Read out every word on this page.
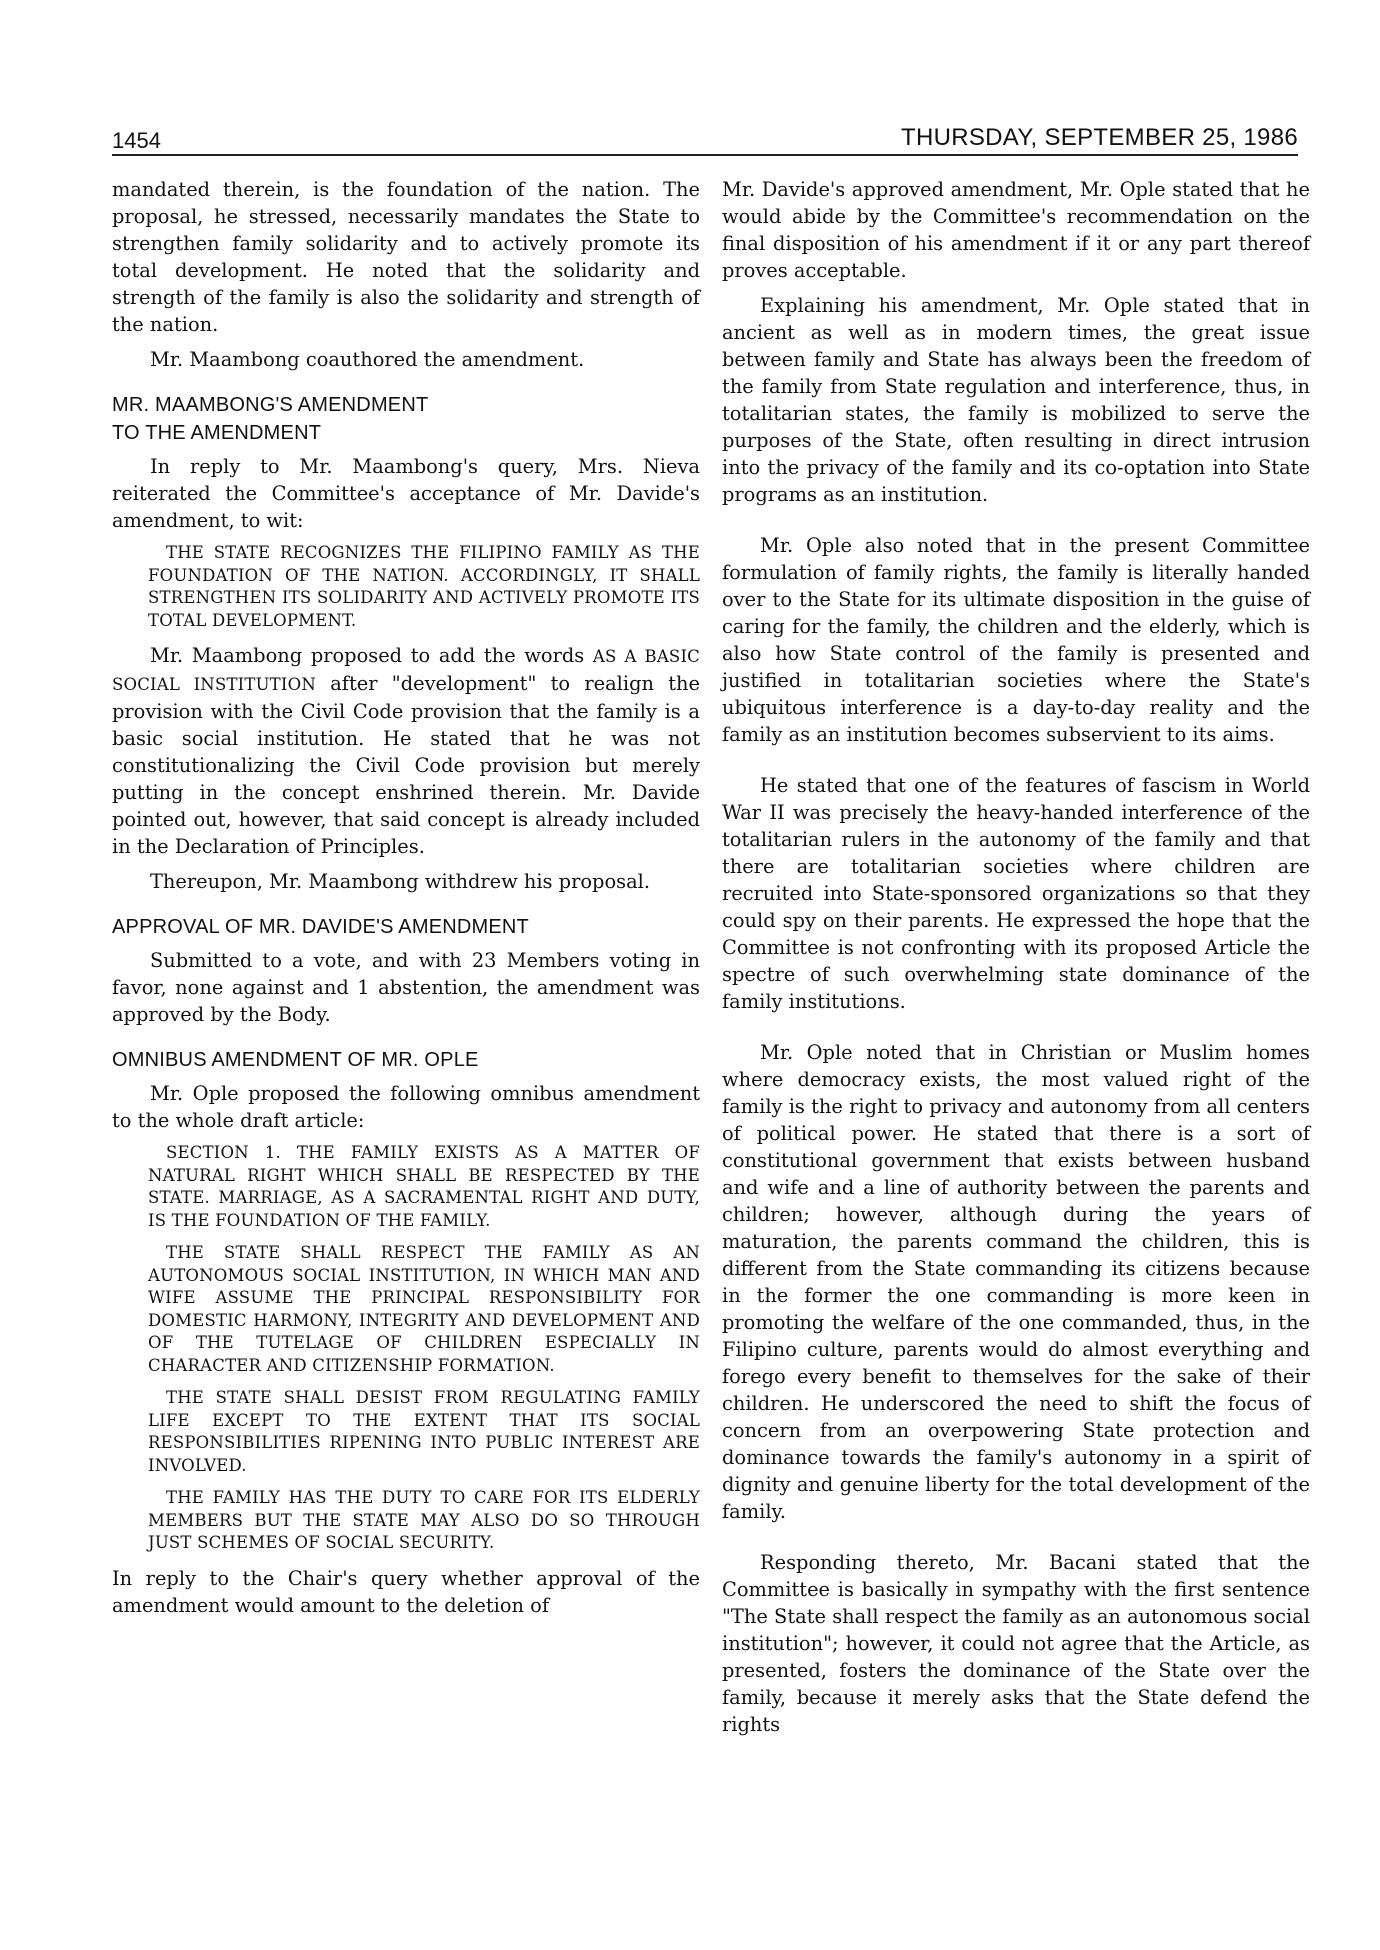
1454	THURSDAY, SEPTEMBER 25, 1986

mandated therein, is the foundation of the nation. The proposal, he stressed, necessarily mandates the State to strengthen family solidarity and to actively promote its total development. He noted that the solidarity and strength of the family is also the solidarity and strength of the nation.

Mr. Maambong coauthored the amendment.

MR. MAAMBONG'S AMENDMENT
TO THE AMENDMENT

In reply to Mr. Maambong's query, Mrs. Nieva reiterated the Committee's acceptance of Mr. Davide's amendment, to wit:

THE STATE RECOGNIZES THE FILIPINO FAMILY AS THE FOUNDATION OF THE NATION. ACCORDINGLY, IT SHALL STRENGTHEN ITS SOLIDARITY AND ACTIVELY PROMOTE ITS TOTAL DEVELOPMENT.

Mr. Maambong proposed to add the words AS A BASIC SOCIAL INSTITUTION after "development" to realign the provision with the Civil Code provision that the family is a basic social institution. He stated that he was not constitutionalizing the Civil Code provision but merely putting in the concept enshrined therein. Mr. Davide pointed out, however, that said concept is already included in the Declaration of Principles.

Thereupon, Mr. Maambong withdrew his proposal.

APPROVAL OF MR. DAVIDE'S AMENDMENT

Submitted to a vote, and with 23 Members voting in favor, none against and 1 abstention, the amendment was approved by the Body.

OMNIBUS AMENDMENT OF MR. OPLE

Mr. Ople proposed the following omnibus amendment to the whole draft article:

SECTION 1. THE FAMILY EXISTS AS A MATTER OF NATURAL RIGHT WHICH SHALL BE RESPECTED BY THE STATE. MARRIAGE, AS A SACRAMENTAL RIGHT AND DUTY, IS THE FOUNDATION OF THE FAMILY.
THE STATE SHALL RESPECT THE FAMILY AS AN AUTONOMOUS SOCIAL INSTITUTION, IN WHICH MAN AND WIFE ASSUME THE PRINCIPAL RESPONSIBILITY FOR DOMESTIC HARMONY, INTEGRITY AND DEVELOPMENT AND OF THE TUTELAGE OF CHILDREN ESPECIALLY IN CHARACTER AND CITIZENSHIP FORMATION.
THE STATE SHALL DESIST FROM REGULATING FAMILY LIFE EXCEPT TO THE EXTENT THAT ITS SOCIAL RESPONSIBILITIES RIPENING INTO PUBLIC INTEREST ARE INVOLVED.
THE FAMILY HAS THE DUTY TO CARE FOR ITS ELDERLY MEMBERS BUT THE STATE MAY ALSO DO SO THROUGH JUST SCHEMES OF SOCIAL SECURITY.

In reply to the Chair's query whether approval of the amendment would amount to the deletion of

Mr. Davide's approved amendment, Mr. Ople stated that he would abide by the Committee's recommendation on the final disposition of his amendment if it or any part thereof proves acceptable.

Explaining his amendment, Mr. Ople stated that in ancient as well as in modern times, the great issue between family and State has always been the freedom of the family from State regulation and interference, thus, in totalitarian states, the family is mobilized to serve the purposes of the State, often resulting in direct intrusion into the privacy of the family and its co-optation into State programs as an institution.

Mr. Ople also noted that in the present Committee formulation of family rights, the family is literally handed over to the State for its ultimate disposition in the guise of caring for the family, the children and the elderly, which is also how State control of the family is presented and justified in totalitarian societies where the State's ubiquitous interference is a day-to-day reality and the family as an institution becomes subservient to its aims.

He stated that one of the features of fascism in World War II was precisely the heavy-handed interference of the totalitarian rulers in the autonomy of the family and that there are totalitarian societies where children are recruited into State-sponsored organizations so that they could spy on their parents. He expressed the hope that the Committee is not confronting with its proposed Article the spectre of such overwhelming state dominance of the family institutions.

Mr. Ople noted that in Christian or Muslim homes where democracy exists, the most valued right of the family is the right to privacy and autonomy from all centers of political power. He stated that there is a sort of constitutional government that exists between husband and wife and a line of authority between the parents and children; however, although during the years of maturation, the parents command the children, this is different from the State commanding its citizens because in the former the one commanding is more keen in promoting the welfare of the one commanded, thus, in the Filipino culture, parents would do almost everything and forego every benefit to themselves for the sake of their children. He underscored the need to shift the focus of concern from an overpowering State protection and dominance towards the family's autonomy in a spirit of dignity and genuine liberty for the total development of the family.

Responding thereto, Mr. Bacani stated that the Committee is basically in sympathy with the first sentence "The State shall respect the family as an autonomous social institution"; however, it could not agree that the Article, as presented, fosters the dominance of the State over the family, because it merely asks that the State defend the rights
